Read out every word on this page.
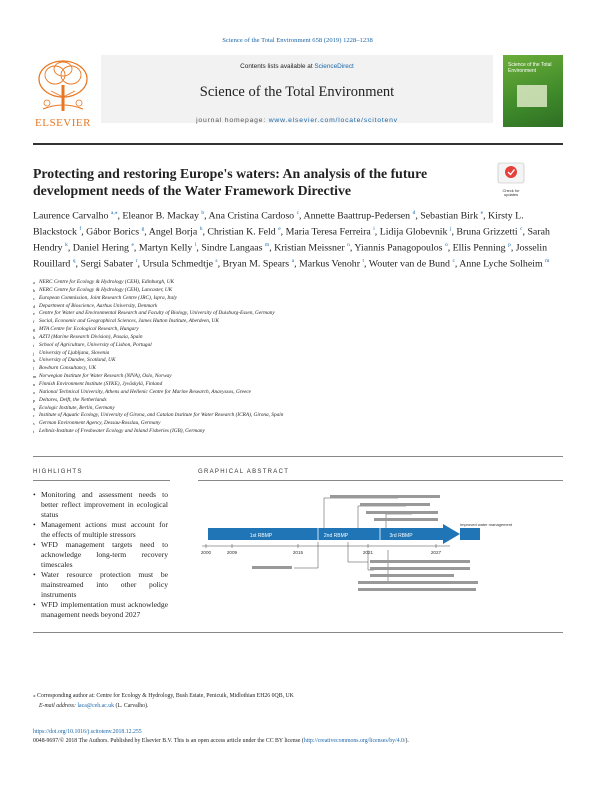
Science of the Total Environment 658 (2019) 1228–1238
ELSEVIER
Contents lists available at ScienceDirect
Science of the Total Environment
Science of the Total Environment
journal homepage: www.elsevier.com/locate/scitotenv
Protecting and restoring Europe's waters: An analysis of the future development needs of the Water Framework Directive	Check for updates

Laurence Carvalho $^{a,⁎}$, Eleanor B. Mackay $^b$, Ana Cristina Cardoso $^c$, Annette Baattrup-Pedersen $^d$, Sebastian Birk $^e$, Kirsty L. Blackstock $^f$, Gábor Borics $^g$, Angel Borja $^h$, Christian K. Feld $^e$, Maria Teresa Ferreira $^i$, Lidija Globevnik $^j$, Bruna Grizzetti $^c$, Sarah Hendry $^k$, Daniel Hering $^e$, Martyn Kelly $^l$, Sindre Langaas $^m$, Kristian Meissner $^n$, Yiannis Panagopoulos $^o$, Ellis Penning $^p$, Josselin Rouillard $^q$, Sergi Sabater $^r$, Ursula Schmedtje $^s$, Bryan M. Spears $^a$, Markus Venohr $^t$, Wouter van de Bund $^c$, Anne Lyche Solheim $^m$

a NERC Centre for Ecology & Hydrology (CEH), Edinburgh, UK
b NERC Centre for Ecology & Hydrology (CEH), Lancaster, UK
c European Commission, Joint Research Centre (JRC), Ispra, Italy
d Department of Bioscience, Aarhus University, Denmark
e Centre for Water and Environmental Research and Faculty of Biology, University of Duisburg-Essen, Germany
f Social, Economic and Geographical Sciences, James Hutton Institute, Aberdeen, UK
g MTA Centre for Ecological Research, Hungary
h AZTI (Marine Research Division), Pasaia, Spain
i School of Agriculture, University of Lisbon, Portugal
j University of Ljubljana, Slovenia
k University of Dundee, Scotland, UK
l Bowburn Consultancy, UK
m Norwegian Institute for Water Research (NIVA), Oslo, Norway
n Finnish Environment Institute (SYKE), Jyväskylä, Finland
o National Technical University, Athens and Hellenic Centre for Marine Research, Anavyssos, Greece
p Deltares, Delft, the Netherlands
q Ecologic Institute, Berlin, Germany
r Institute of Aquatic Ecology, University of Girona, and Catalan Institute for Water Research (ICRA), Girona, Spain
s German Environment Agency, Dessau-Rosslau, Germany
t Leibniz-Institute of Freshwater Ecology and Inland Fisheries (IGB), Germany
HIGHLIGHTS	GRAPHICAL ABSTRACT
• Monitoring and assessment needs to better reflect improvement in ecological status
• Management actions must account for the effects of multiple stressors
• WFD management targets need to acknowledge long-term recovery timescales
• Water resource protection must be mainstreamed into other policy instruments
• WFD implementation must acknowledge management needs beyond 2027
1st RBMP	2nd RBMP	3rd RBMP
2000	2009	2015	2021	2027
Improved water management
⁎ Corresponding author at: Centre for Ecology & Hydrology, Bush Estate, Penicuik, Midlothian EH26 0QB, UK
E-mail address: laca@ceh.ac.uk (L. Carvalho).
https://doi.org/10.1016/j.scitotenv.2018.12.255
0048-9697/© 2018 The Authors. Published by Elsevier B.V. This is an open access article under the CC BY license (http://creativecommons.org/licenses/by/4.0/).
